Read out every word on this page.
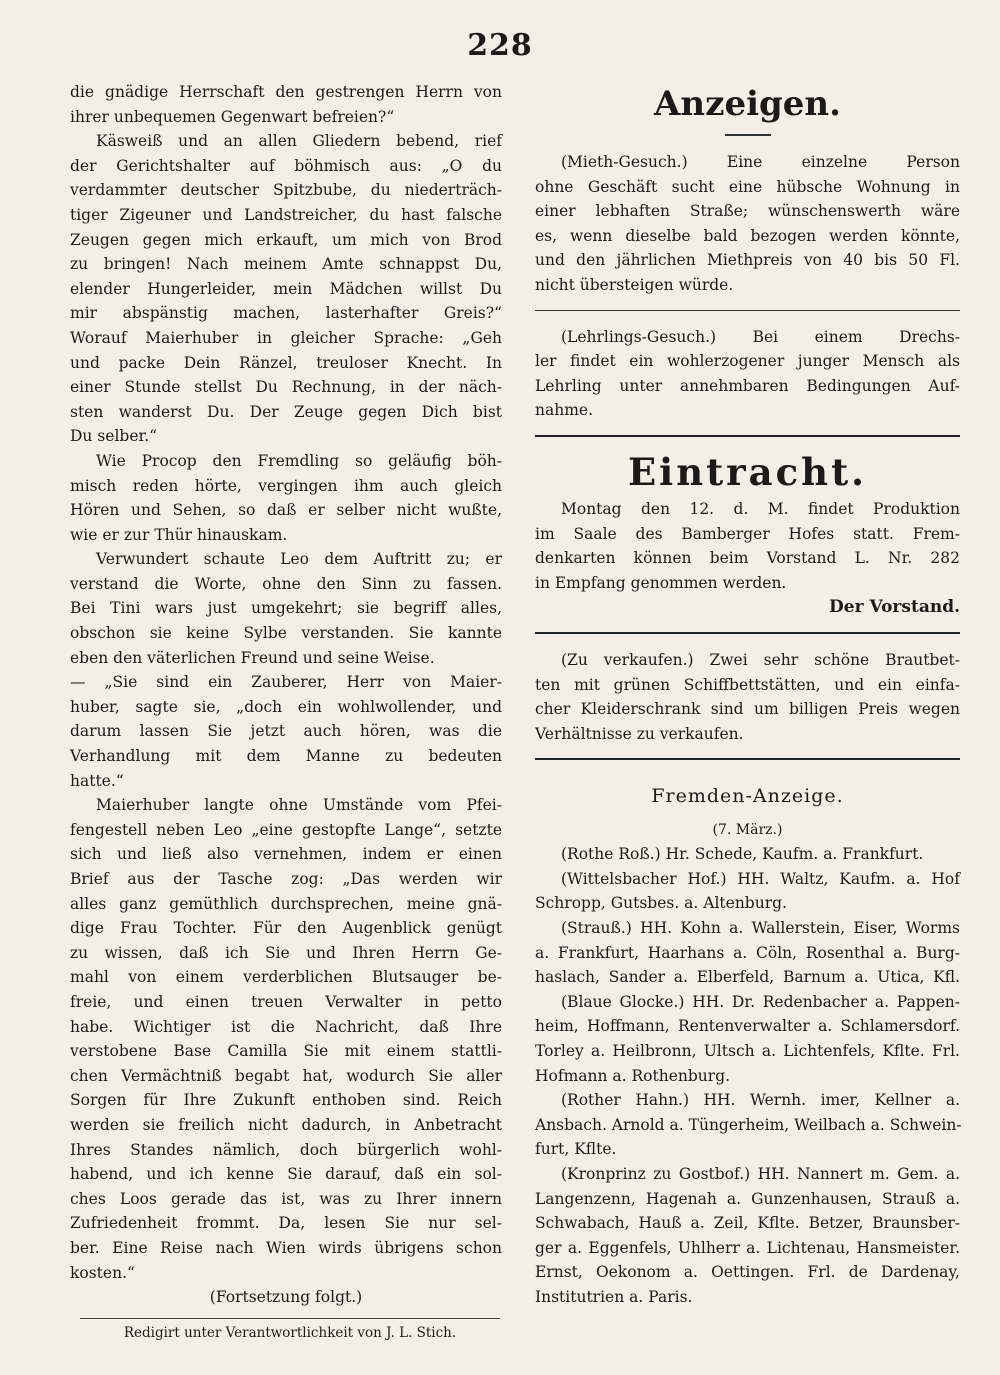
228
die gnädige Herrschaft den gestrengen Herrn von
ihrer unbequemen Gegenwart befreien?“
Käsweiß und an allen Gliedern bebend, rief
der Gerichtshalter auf böhmisch aus: „O du
verdammter deutscher Spitzbube, du niederträch-
tiger Zigeuner und Landstreicher, du hast falsche
Zeugen gegen mich erkauft, um mich von Brod
zu bringen! Nach meinem Amte schnappst Du,
elender Hungerleider, mein Mädchen willst Du
mir abspänstig machen, lasterhafter Greis?“
Worauf Maierhuber in gleicher Sprache: „Geh
und packe Dein Ränzel, treuloser Knecht. In
einer Stunde stellst Du Rechnung, in der näch-
sten wanderst Du. Der Zeuge gegen Dich bist
Du selber.“
Wie Procop den Fremdling so geläufig böh-
misch reden hörte, vergingen ihm auch gleich
Hören und Sehen, so daß er selber nicht wußte,
wie er zur Thür hinauskam.
Verwundert schaute Leo dem Auftritt zu; er
verstand die Worte, ohne den Sinn zu fassen.
Bei Tini wars just umgekehrt; sie begriff alles,
obschon sie keine Sylbe verstanden. Sie kannte
eben den väterlichen Freund und seine Weise.
— „Sie sind ein Zauberer, Herr von Maier-
huber, sagte sie, „doch ein wohlwollender, und
darum lassen Sie jetzt auch hören, was die
Verhandlung mit dem Manne zu bedeuten
hatte.“
Maierhuber langte ohne Umstände vom Pfei-
fengestell neben Leo „eine gestopfte Lange“, setzte
sich und ließ also vernehmen, indem er einen
Brief aus der Tasche zog: „Das werden wir
alles ganz gemüthlich durchsprechen, meine gnä-
dige Frau Tochter. Für den Augenblick genügt
zu wissen, daß ich Sie und Ihren Herrn Ge-
mahl von einem verderblichen Blutsauger be-
freie, und einen treuen Verwalter in petto
habe. Wichtiger ist die Nachricht, daß Ihre
verstobene Base Camilla Sie mit einem stattli-
chen Vermächtniß begabt hat, wodurch Sie aller
Sorgen für Ihre Zukunft enthoben sind. Reich
werden sie freilich nicht dadurch, in Anbetracht
Ihres Standes nämlich, doch bürgerlich wohl-
habend, und ich kenne Sie darauf, daß ein sol-
ches Loos gerade das ist, was zu Ihrer innern
Zufriedenheit frommt. Da, lesen Sie nur sel-
ber. Eine Reise nach Wien wirds übrigens schon
kosten.“
(Fortsetzung folgt.)
Redigirt unter Verantwortlichkeit von J. L. Stich.
Anzeigen.
(Mieth-Gesuch.) Eine einzelne Person
ohne Geschäft sucht eine hübsche Wohnung in
einer lebhaften Straße; wünschenswerth wäre
es, wenn dieselbe bald bezogen werden könnte,
und den jährlichen Miethpreis von 40 bis 50 Fl.
nicht übersteigen würde.
(Lehrlings-Gesuch.) Bei einem Drechs-
ler findet ein wohlerzogener junger Mensch als
Lehrling unter annehmbaren Bedingungen Auf-
nahme.
Eintracht.
Montag den 12. d. M. findet Produktion
im Saale des Bamberger Hofes statt. Frem-
denkarten können beim Vorstand L. Nr. 282
in Empfang genommen werden.
Der Vorstand.
(Zu verkaufen.) Zwei sehr schöne Brautbet-
ten mit grünen Schiffbettstätten, und ein einfa-
cher Kleiderschrank sind um billigen Preis wegen
Verhältnisse zu verkaufen.
Fremden-Anzeige.
(7. März.)
(Rothe Roß.) Hr. Schede, Kaufm. a. Frankfurt.
(Wittelsbacher Hof.) HH. Waltz, Kaufm. a. Hof
Schropp, Gutsbes. a. Altenburg.
(Strauß.) HH. Kohn a. Wallerstein, Eiser, Worms
a. Frankfurt, Haarhans a. Cöln, Rosenthal a. Burg-
haslach, Sander a. Elberfeld, Barnum a. Utica, Kfl.
(Blaue Glocke.) HH. Dr. Redenbacher a. Pappen-
heim, Hoffmann, Rentenverwalter a. Schlamersdorf.
Torley a. Heilbronn, Ultsch a. Lichtenfels, Kflte. Frl.
Hofmann a. Rothenburg.
(Rother Hahn.) HH. Wernh. imer, Kellner a.
Ansbach. Arnold a. Tüngerheim, Weilbach a. Schwein-
furt, Kflte.
(Kronprinz zu Gostbof.) HH. Nannert m. Gem. a.
Langenzenn, Hagenah a. Gunzenhausen, Strauß a.
Schwabach, Hauß a. Zeil, Kflte. Betzer, Braunsber-
ger a. Eggenfels, Uhlherr a. Lichtenau, Hansmeister.
Ernst, Oekonom a. Oettingen. Frl. de Dardenay,
Institutrien a. Paris.
